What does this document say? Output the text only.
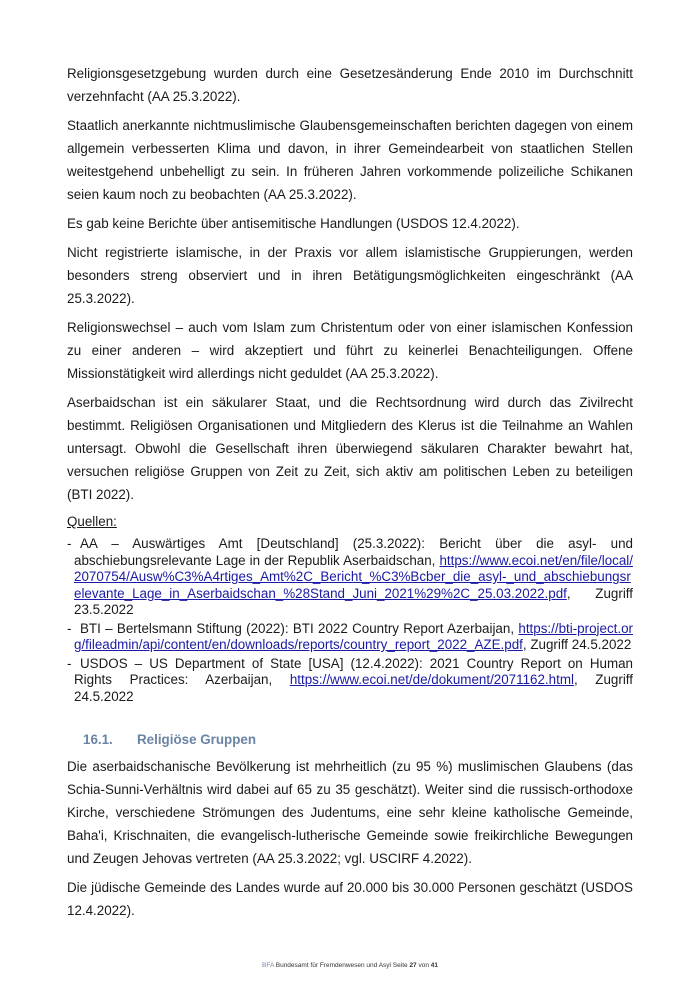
Religionsgesetzgebung wurden durch eine Gesetzesänderung Ende 2010 im Durchschnitt verzehnfacht (AA 25.3.2022).

Staatlich anerkannte nichtmuslimische Glaubensgemeinschaften berichten dagegen von einem allgemein verbesserten Klima und davon, in ihrer Gemeindearbeit von staatlichen Stellen weitestgehend unbehelligt zu sein. In früheren Jahren vorkommende polizeiliche Schikanen seien kaum noch zu beobachten (AA 25.3.2022).

Es gab keine Berichte über antisemitische Handlungen (USDOS 12.4.2022).

Nicht registrierte islamische, in der Praxis vor allem islamistische Gruppierungen, werden besonders streng observiert und in ihren Betätigungsmöglichkeiten eingeschränkt (AA 25.3.2022).

Religionswechsel – auch vom Islam zum Christentum oder von einer islamischen Konfession zu einer anderen – wird akzeptiert und führt zu keinerlei Benachteiligungen. Offene Missionstätigkeit wird allerdings nicht geduldet (AA 25.3.2022).

Aserbaidschan ist ein säkularer Staat, und die Rechtsordnung wird durch das Zivilrecht bestimmt. Religiösen Organisationen und Mitgliedern des Klerus ist die Teilnahme an Wahlen untersagt. Obwohl die Gesellschaft ihren überwiegend säkularen Charakter bewahrt hat, versuchen religiöse Gruppen von Zeit zu Zeit, sich aktiv am politischen Leben zu beteiligen (BTI 2022).

Quellen:
- AA – Auswärtiges Amt [Deutschland] (25.3.2022): Bericht über die asyl- und abschiebungsrelevante Lage in der Republik Aserbaidschan, https://www.ecoi.net/en/file/local/2070754/Ausw%C3%A4rtiges_Amt%2C_Bericht_%C3%Bcber_die_asyl-_und_abschiebungsrelevante_Lage_in_Aserbaidschan_%28Stand_Juni_2021%29%2C_25.03.2022.pdf, Zugriff 23.5.2022
- BTI – Bertelsmann Stiftung (2022): BTI 2022 Country Report Azerbaijan, https://bti-project.org/fileadmin/api/content/en/downloads/reports/country_report_2022_AZE.pdf, Zugriff 24.5.2022
- USDOS – US Department of State [USA] (12.4.2022): 2021 Country Report on Human Rights Practices: Azerbaijan, https://www.ecoi.net/de/dokument/2071162.html, Zugriff 24.5.2022
16.1. Religiöse Gruppen

Die aserbaidschanische Bevölkerung ist mehrheitlich (zu 95 %) muslimischen Glaubens (das Schia-Sunni-Verhältnis wird dabei auf 65 zu 35 geschätzt). Weiter sind die russisch-orthodoxe Kirche, verschiedene Strömungen des Judentums, eine sehr kleine katholische Gemeinde, Baha'i, Krischnaiten, die evangelisch-lutherische Gemeinde sowie freikirchliche Bewegungen und Zeugen Jehovas vertreten (AA 25.3.2022; vgl. USCIRF 4.2022).

Die jüdische Gemeinde des Landes wurde auf 20.000 bis 30.000 Personen geschätzt (USDOS 12.4.2022).

BFA Bundesamt für Fremdenwesen und Asyl Seite 27 von 41
